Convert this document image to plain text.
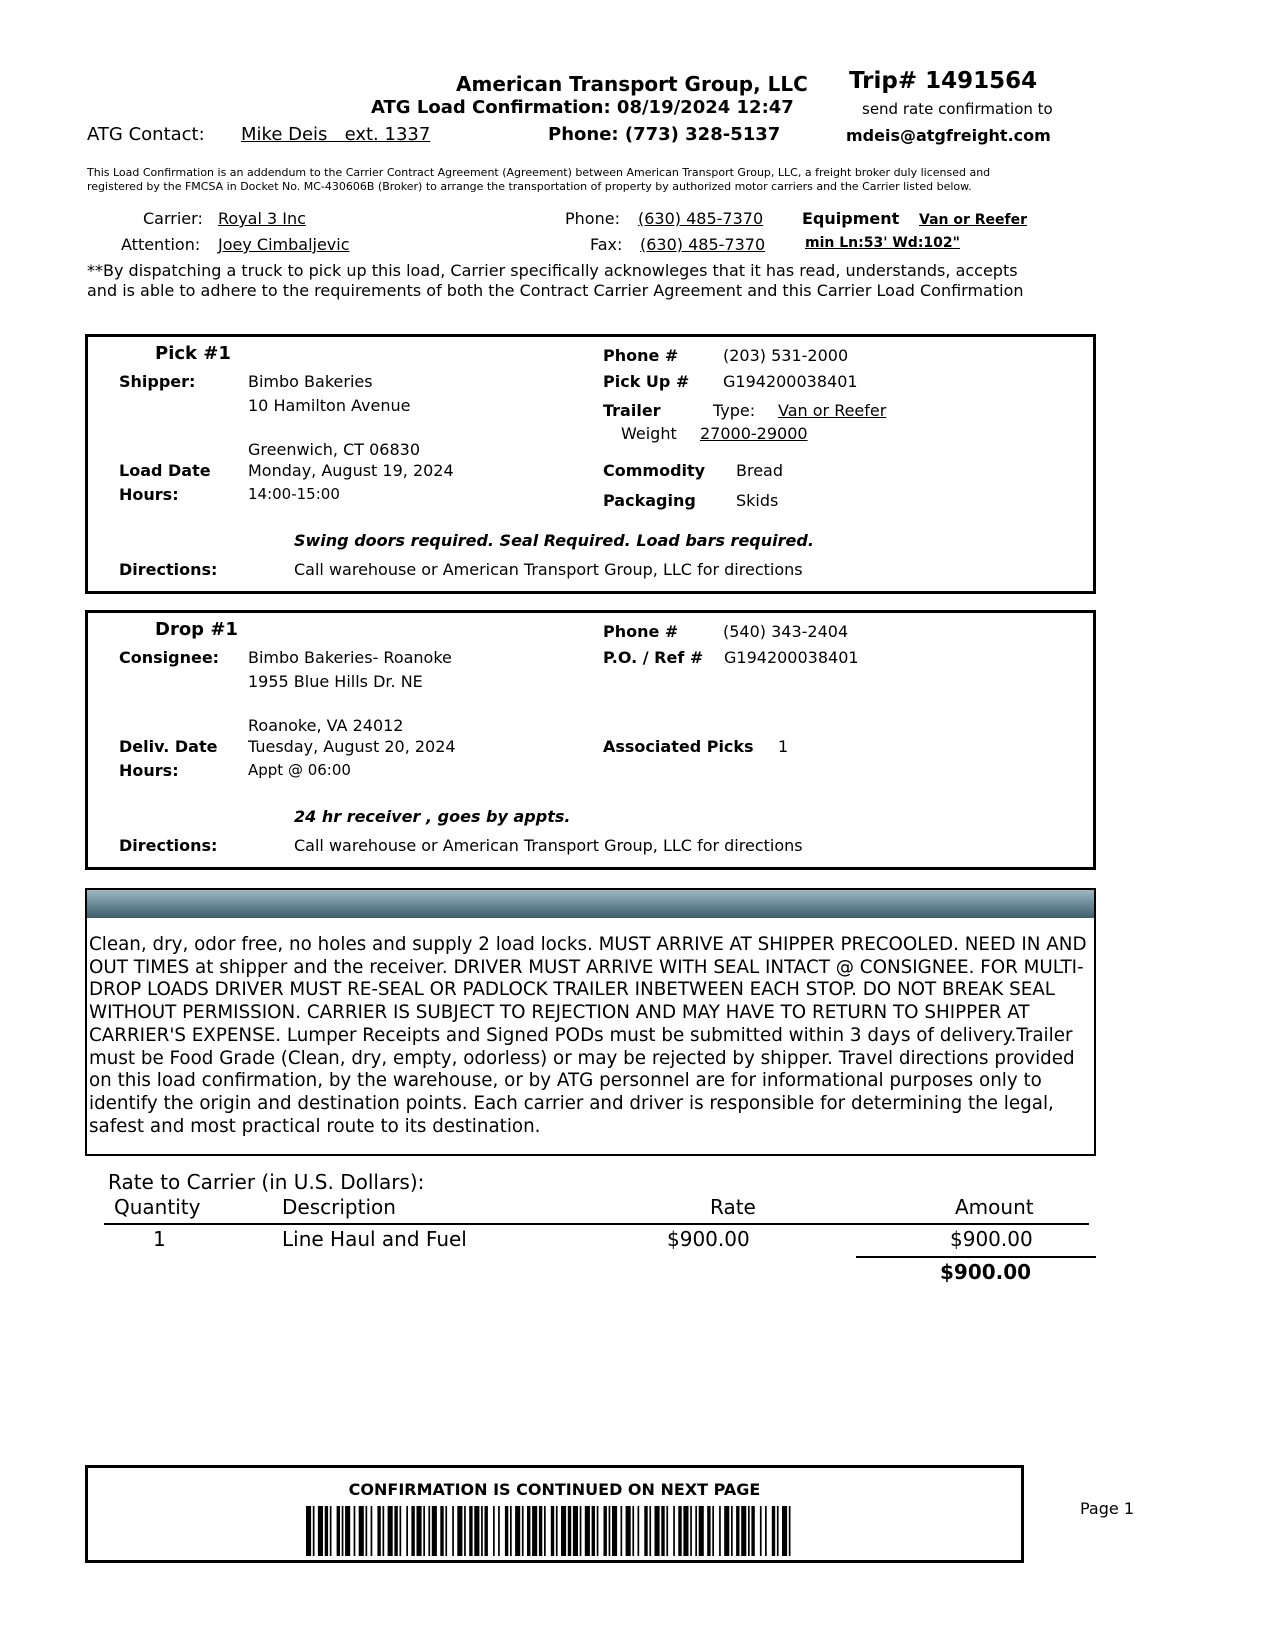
American Transport Group, LLC Trip# 1491564
ATG Load Confirmation: 08/19/2024 12:47	send rate confirmation to
ATG Contact: Mike Deis   ext. 1337	Phone: (773) 328-5137	mdeis@atgfreight.com
This Load Confirmation is an addendum to the Carrier Contract Agreement (Agreement) between American Transport Group, LLC, a freight broker duly licensed and
registered by the FMCSA in Docket No. MC-430606B (Broker) to arrange the transportation of property by authorized motor carriers and the Carrier listed below.
Carrier: Royal 3 Inc
Attention: Joey Cimbaljevic
Phone: (630) 485-7370
Fax: (630) 485-7370
Equipment Van or Reefer
min Ln:53' Wd:102"
**By dispatching a truck to pick up this load, Carrier specifically acknowleges that it has read, understands, accepts
and is able to adhere to the requirements of both the Contract Carrier Agreement and this Carrier Load Confirmation
Pick #1
Shipper:	Bimbo Bakeries
10 Hamilton Avenue
Greenwich, CT 06830
Load Date Monday, August 19, 2024
Hours:	14:00-15:00
Phone #	(203) 531-2000
Pick Up # G194200038401
Trailer	Type: Van or Reefer
Weight 27000-29000
Commodity Bread
Packaging	Skids
Swing doors required. Seal Required. Load bars required.
Directions:	Call warehouse or American Transport Group, LLC for directions
Drop #1
Consignee: Bimbo Bakeries- Roanoke
1955 Blue Hills Dr. NE
Roanoke, VA 24012
Deliv. Date Tuesday, August 20, 2024
Hours:	Appt @ 06:00
Phone #	(540) 343-2404
P.O. / Ref # G194200038401
Associated Picks 1
24 hr receiver , goes by appts.
Directions:	Call warehouse or American Transport Group, LLC for directions
Clean, dry, odor free, no holes and supply 2 load locks. MUST ARRIVE AT SHIPPER PRECOOLED. NEED IN AND OUT TIMES at shipper and the receiver. DRIVER MUST ARRIVE WITH SEAL INTACT @ CONSIGNEE. FOR MULTI-DROP LOADS DRIVER MUST RE-SEAL OR PADLOCK TRAILER INBETWEEN EACH STOP. DO NOT BREAK SEAL WITHOUT PERMISSION. CARRIER IS SUBJECT TO REJECTION AND MAY HAVE TO RETURN TO SHIPPER AT CARRIER'S EXPENSE. Lumper Receipts and Signed PODs must be submitted within 3 days of delivery.Trailer must be Food Grade (Clean, dry, empty, odorless) or may be rejected by shipper. Travel directions provided on this load confirmation, by the warehouse, or by ATG personnel are for informational purposes only to identify the origin and destination points. Each carrier and driver is responsible for determining the legal, safest and most practical route to its destination.
Rate to Carrier (in U.S. Dollars):
Quantity	Description	Rate	Amount
1	Line Haul and Fuel	$900.00	$900.00
$900.00
CONFIRMATION IS CONTINUED ON NEXT PAGE
Page 1
